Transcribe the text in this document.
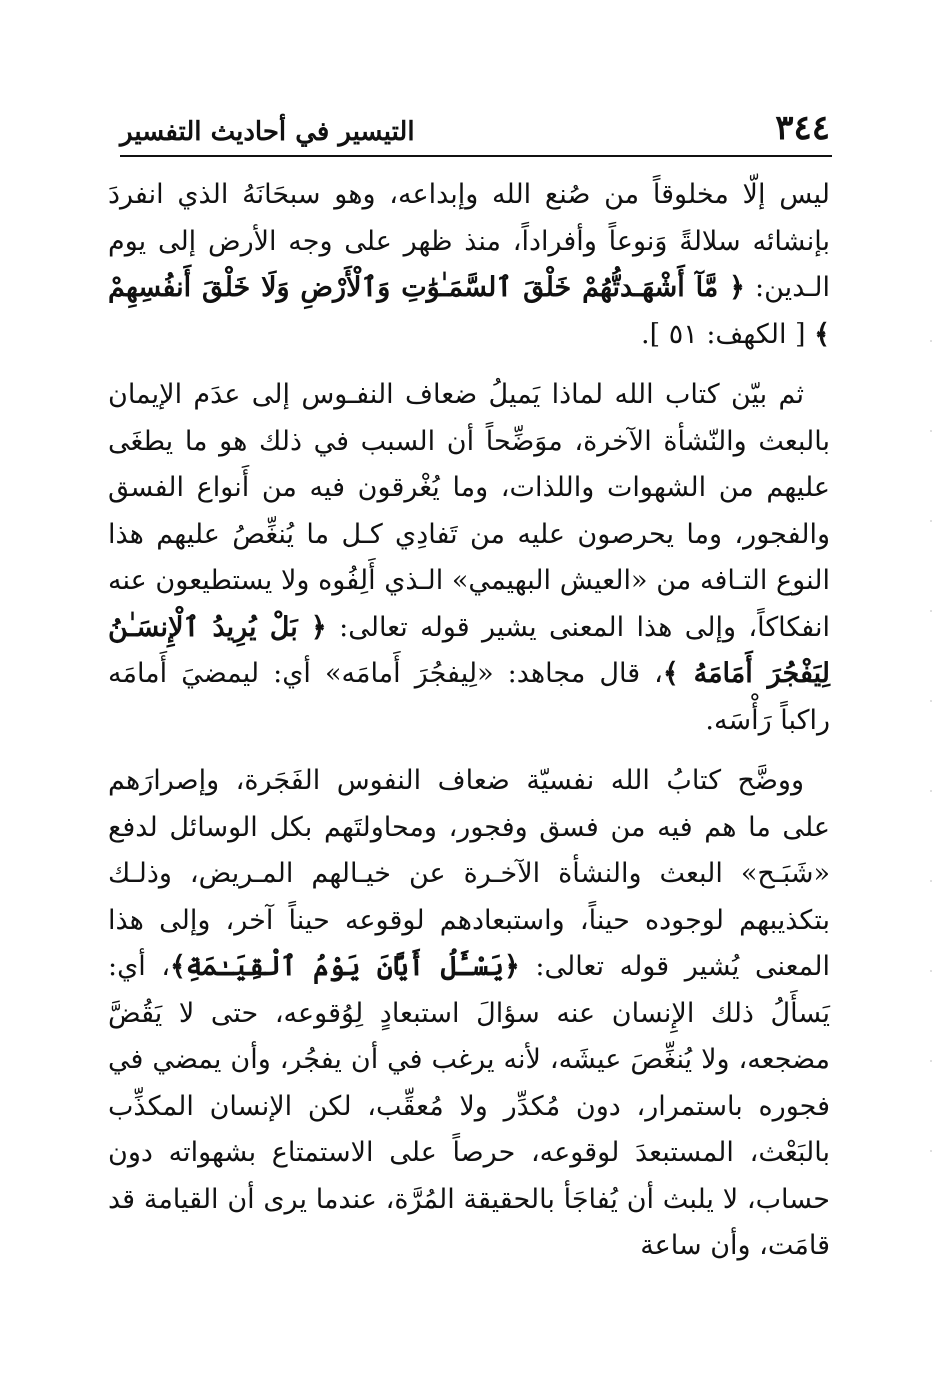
٣٤٤
التيسير في أحاديث التفسير

ليس إلّا مخلوقاً من صُنع الله وإبداعه، وهو سبحَانَهُ الذي انفردَ بإنشائه سلالةً وَنوعاً وأفراداً، منذ ظهر على وجه الأرض إلى يوم الـدين: ﴿ مَّآ أَشْهَـدتُّهُمْ خَلْقَ ٱلسَّمَـٰوَٰتِ وَٱلْأَرْضِ وَلَا خَلْقَ أَنفُسِهِمْ ﴾ [ الكهف: ٥١ ].

ثم بيّن كتاب الله لماذا يَميلُ ضعاف النفـوس إلى عدَم الإيمان بالبعث والنّشأة الآخرة، موَضِّحاً أن السبب في ذلك هو ما يطغَى عليهم من الشهوات واللذات، وما يُغْرقون فيه من أَنواع الفسق والفجور، وما يحرصون عليه من تَفادِي كـل ما يُنغِّصُ عليهم هذا النوع التـافه من «العيش البهيمي» الـذي أَلِفُوه ولا يستطيعون عنه انفكاكاً، وإلى هذا المعنى يشير قوله تعالى: ﴿ بَلْ يُرِيدُ ٱلْإِنسَـٰنُ لِيَفْجُرَ أَمَامَهُ ﴾، قال مجاهد: «لِيفجُرَ أَمامَه» أي: ليمضيَ أَمامَه راكباً رَأْسَه.

ووضَّح كتابُ الله نفسيّة ضعاف النفوس الفَجَرة، وإصرارَهم على ما هم فيه من فسق وفجور، ومحاولتَهم بكل الوسائل لدفع «شَبَـح» البعث والنشأة الآخـرة عن خيـالهم المـريض، وذلـك بتكذيبهم لوجوده حيناً، واستبعادهم لوقوعه حيناً آخر، وإلى هذا المعنى يُشير قوله تعالى: ﴿يَسْـَٔلُ أَيَّانَ يَوْمُ ٱلْقِيَـٰمَةِ﴾، أي: يَسأَلُ ذلك الإِنسان عنه سؤالَ استبعادٍ لِوُقوعه، حتى لا يَقُضَّ مضجعه، ولا يُنغِّصَ عيشَه، لأنه يرغب في أن يفجُر، وأن يمضي في فجوره باستمرار، دون مُكدِّر ولا مُعقِّب، لكن الإنسان المكذِّب بالبَعْث، المستبعدَ لوقوعه، حرصاً على الاستمتاع بشهواته دون حساب، لا يلبث أن يُفاجَأ بالحقيقة المُرَّة، عندما يرى أن القيامة قد قامَت، وأن ساعة
